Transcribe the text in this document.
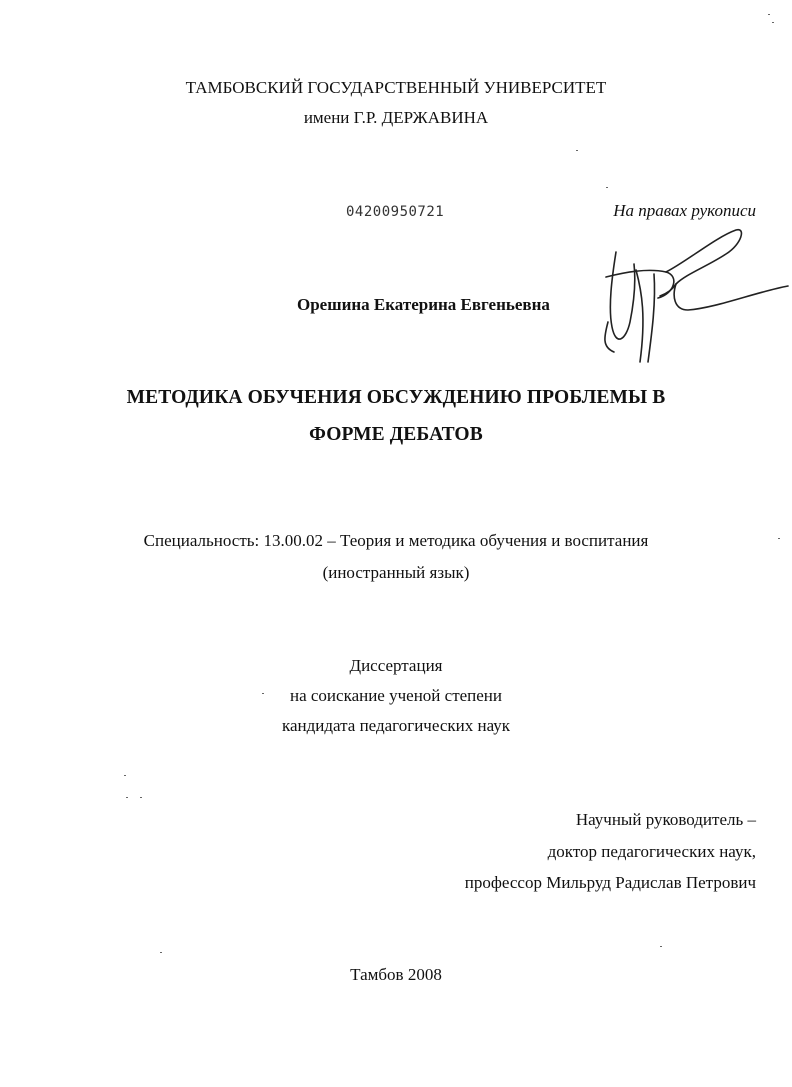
ТАМБОВСКИЙ ГОСУДАРСТВЕННЫЙ УНИВЕРСИТЕТ
имени Г.Р. ДЕРЖАВИНА
04200950721	На правах рукописи
Орешина Екатерина Евгеньевна
МЕТОДИКА ОБУЧЕНИЯ ОБСУЖДЕНИЮ ПРОБЛЕМЫ В
ФОРМЕ ДЕБАТОВ
Специальность: 13.00.02 – Теория и методика обучения и воспитания
(иностранный язык)
Диссертация
на соискание ученой степени
кандидата педагогических наук
Научный руководитель –
доктор педагогических наук,
профессор Мильруд Радислав Петрович
Тамбов 2008
